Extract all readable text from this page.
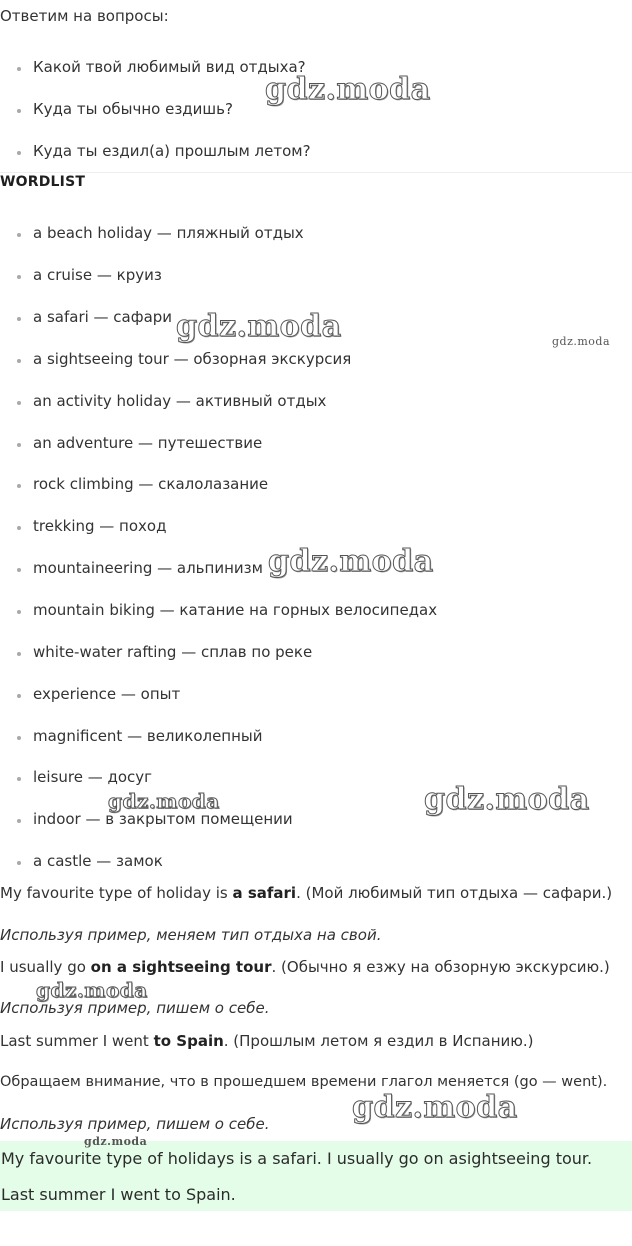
Ответим на вопросы:
Какой твой любимый вид отдыха?
Куда ты обычно ездишь?
Куда ты ездил(а) прошлым летом?
WORDLIST
a beach holiday — пляжный отдых
a cruise — круиз
a safari — сафари
a sightseeing tour — обзорная экскурсия
an activity holiday — активный отдых
an adventure — путешествие
rock climbing — скалолазание
trekking — поход
mountaineering — альпинизм
mountain biking — катание на горных велосипедах
white-water rafting — сплав по реке
experience — опыт
magnificent — великолепный
leisure — досуг
indoor — в закрытом помещении
a castle — замок
My favourite type of holiday is a safari. (Мой любимый тип отдыха — сафари.)
Используя пример, меняем тип отдыха на свой.
I usually go on a sightseeing tour. (Обычно я езжу на обзорную экскурсию.)
Используя пример, пишем о себе.
Last summer I went to Spain. (Прошлым летом я ездил в Испанию.)
Обращаем внимание, что в прошедшем времени глагол меняется (go — went).
Используя пример, пишем о себе.
My favourite type of holidays is a safari. I usually go on asightseeing tour.
Last summer I went to Spain.
gdz.moda
gdz.moda	gdz.moda
gdz.moda
gdz.moda	gdz.moda
gdz.moda
gdz.moda
gdz.moda
